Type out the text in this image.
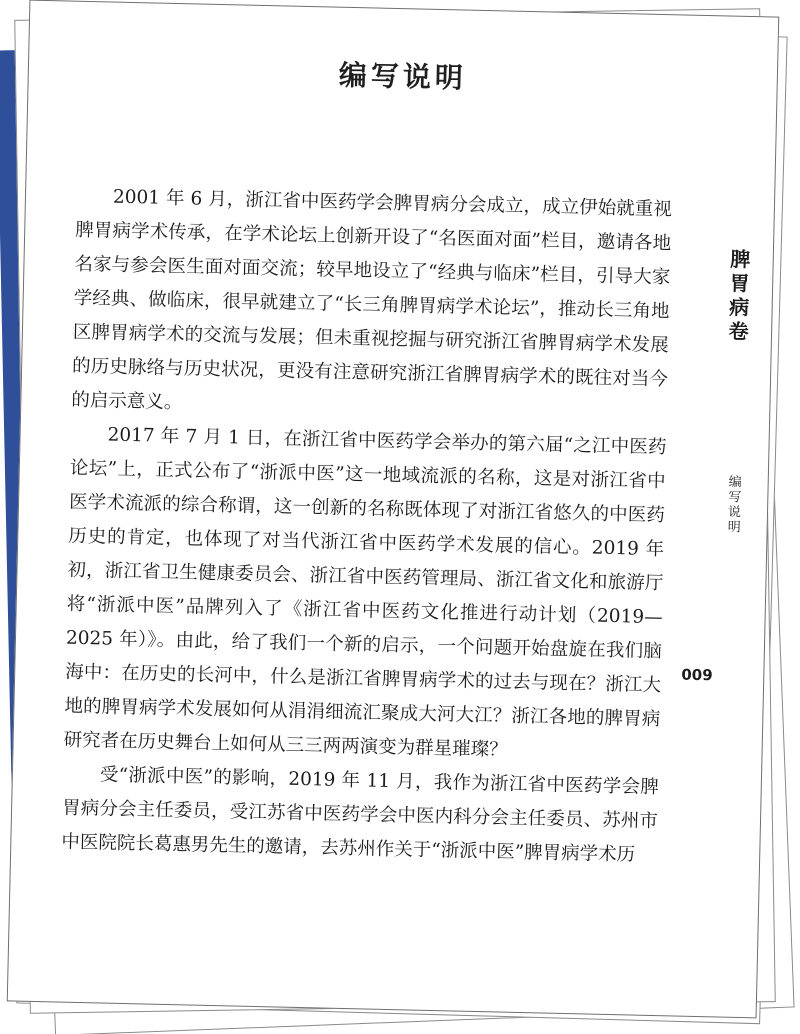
编写说明

2001 年 6 月，浙江省中医药学会脾胃病分会成立，成立伊始就重视脾胃病学术传承，在学术论坛上创新开设了“名医面对面”栏目，邀请各地名家与参会医生面对面交流；较早地设立了“经典与临床”栏目，引导大家学经典、做临床，很早就建立了“长三角脾胃病学术论坛”，推动长三角地区脾胃病学术的交流与发展；但未重视挖掘与研究浙江省脾胃病学术发展的历史脉络与历史状况，更没有注意研究浙江省脾胃病学术的既往对当今的启示意义。

2017 年 7 月 1 日，在浙江省中医药学会举办的第六届“之江中医药论坛”上，正式公布了“浙派中医”这一地域流派的名称，这是对浙江省中医学术流派的综合称谓，这一创新的名称既体现了对浙江省悠久的中医药历史的肯定，也体现了对当代浙江省中医药学术发展的信心。2019 年初，浙江省卫生健康委员会、浙江省中医药管理局、浙江省文化和旅游厅将“浙派中医”品牌列入了《浙江省中医药文化推进行动计划（2019—2025 年）》。由此，给了我们一个新的启示，一个问题开始盘旋在我们脑海中：在历史的长河中，什么是浙江省脾胃病学术的过去与现在？浙江大地的脾胃病学术发展如何从涓涓细流汇聚成大河大江？浙江各地的脾胃病研究者在历史舞台上如何从三三两两演变为群星璀璨？

受“浙派中医”的影响，2019 年 11 月，我作为浙江省中医药学会脾胃病分会主任委员，受江苏省中医药学会中医内科分会主任委员、苏州市中医院院长葛惠男先生的邀请，去苏州作关于“浙派中医”脾胃病学术历

脾胃病卷
编写说明
009
